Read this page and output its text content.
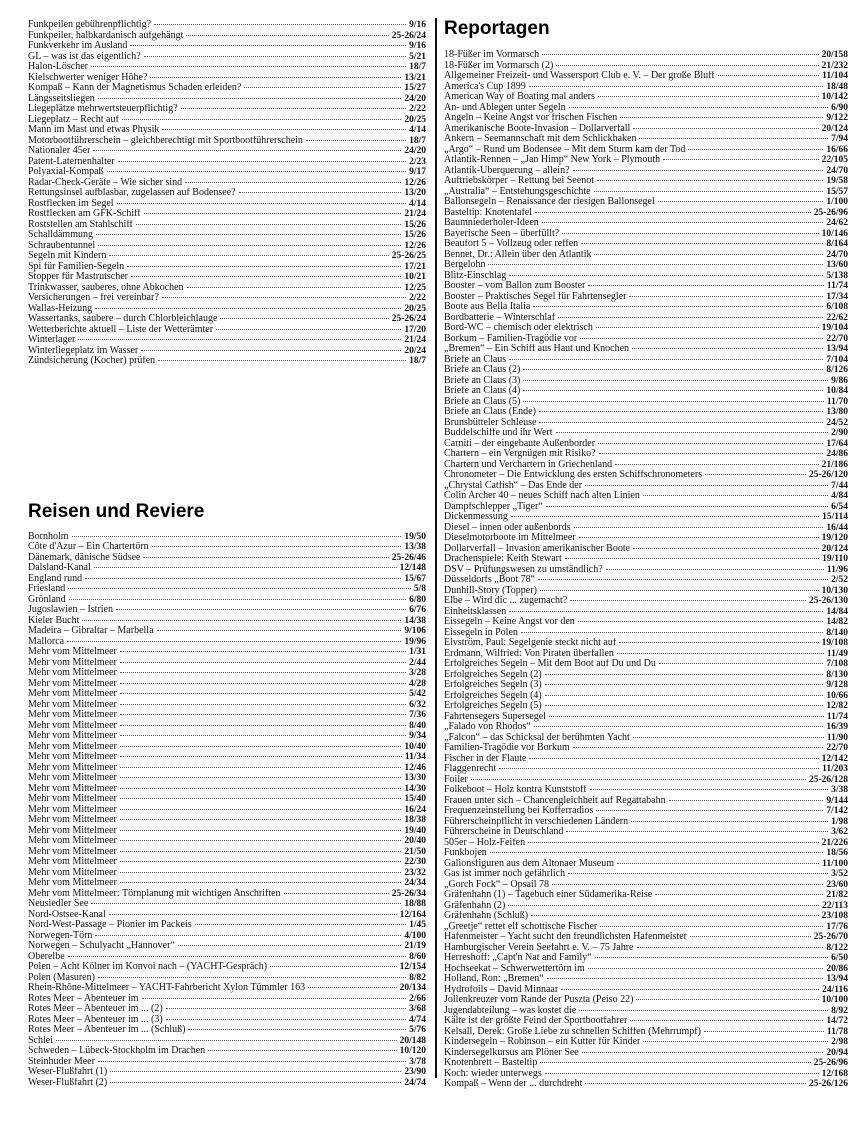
Funkpeilen gebührenpflichtig?	9/16
Funkpeiler, halbkardanisch aufgehängt	25-26/24
Funkverkehr im Ausland	9/16
GL – was ist das eigentlich?	5/21
Halon-Löscher	18/7
Kielschwerter weniger Höhe?	13/21
Kompaß – Kann der Magnetismus Schaden erleiden?	15/27
Längsseitsliegen	24/20
Liegeplätze mehrwertsteuerpflichtig?	2/22
Liegeplatz – Recht auf	20/25
Mann im Mast und etwas Physik	4/14
Motorbootführerschein – gleichberechtigt mit Sportbootführerschein	18/7
Nationaler 45er	24/20
Patent-Laternenhalter	2/23
Polyaxial-Kompaß	9/17
Radar-Check-Geräte – Wie sicher sind	12/26
Rettungsinsel aufblasbar, zugelassen auf Bodensee?	13/20
Rostflecken im Segel	4/14
Rostflecken am GFK-Schiff	21/24
Roststellen am Stahlschiff	15/26
Schalldämmung	15/26
Schraubentunnel	12/26
Segeln mit Kindern	25-26/25
Spi für Familien-Segeln	17/21
Stopper für Mastrutscher	10/21
Trinkwasser, sauberes, ohne Abkochen	12/25
Versicherungen – frei vereinbar?	2/22
Wallas-Heizung	20/25
Wassertanks, saubere – durch Chlorbleichlauge	25-26/24
Wetterberichte aktuell – Liste der Wetterämter	17/20
Winterlager	21/24
Winterliegeplatz im Wasser	20/24
Zündsicherung (Kocher) prüfen	18/7
Reisen und Reviere
Bornholm	19/50
Côte d'Azur – Ein Chartertörn	13/38
Dänemark, dänische Südsee	25-26/46
Dalsland-Kanal	12/148
England rund	15/67
Friesland	5/8
Grönland	6/80
Jugoslawien – Istrien	6/76
Kieler Bucht	14/38
Madeira – Gibraltar – Marbella	9/106
Mallorca	19/96
Mehr vom Mittelmeer	1/31
Mehr vom Mittelmeer	2/44
Mehr vom Mittelmeer	3/28
Mehr vom Mittelmeer	4/28
Mehr vom Mittelmeer	5/42
Mehr vom Mittelmeer	6/32
Mehr vom Mittelmeer	7/36
Mehr vom Mittelmeer	8/40
Mehr vom Mittelmeer	9/34
Mehr vom Mittelmeer	10/40
Mehr vom Mittelmeer	11/34
Mehr vom Mittelmeer	12/46
Mehr vom Mittelmeer	13/30
Mehr vom Mittelmeer	14/30
Mehr vom Mittelmeer	15/40
Mehr vom Mittelmeer	16/24
Mehr vom Mittelmeer	18/38
Mehr vom Mittelmeer	19/40
Mehr vom Mittelmeer	20/40
Mehr vom Mittelmeer	21/50
Mehr vom Mittelmeer	22/30
Mehr vom Mittelmeer	23/32
Mehr vom Mittelmeer	24/34
Mehr vom Mittelmeer: Törnplanung mit wichtigen Anschriften	25-26/34
Neusiedler See	18/88
Nord-Ostsee-Kanal	12/164
Nord-West-Passage – Pionier im Packeis	1/45
Norwegen-Törn	4/100
Norwegen – Schulyacht „Hannover“	21/19
Oberelbe	8/60
Polen – Acht Kölner im Konvoi nach – (YACHT-Gespräch)	12/154
Polen (Masuren)	8/82
Rhein-Rhône-Mittelmeer – YACHT-Fahrbericht Xylon Tümmler 163	20/134
Rotes Meer – Abenteuer im	2/66
Rotes Meer – Abenteuer im ... (2)	3/68
Rotes Meer – Abenteuer im ... (3)	4/74
Rotes Meer – Abenteuer im ... (Schluß)	5/76
Schlei	20/148
Schweden – Lübeck-Stockholm im Drachen	10/120
Steinhuder Meer	3/78
Weser-Flußfahrt (1)	23/90
Weser-Flußfahrt (2)	24/74
Reportagen
18-Füßer im Vormarsch	20/158
18-Füßer im Vormarsch (2)	21/232
Allgemeiner Freizeit- und Wassersport Club e. V. – Der große Bluff	11/104
America's Cup 1899	18/48
American Way of Boating mal anders	10/142
An- und Ablegen unter Segeln	6/90
Angeln – Keine Angst vor frischen Fischen	9/122
Amerikanische Boote-Invasion – Dollarverfall	20/124
Ankern – Seemannschaft mit dem Schlickhaken	7/94
„Argo“ – Rund um Bodensee – Mit dem Sturm kam der Tod	16/66
Atlantik-Rennen – „Jan Himp“ New York – Plymouth	22/105
Atlantik-Überquerung – allein?	24/70
Auftriebskörper – Rettung bei Seenot	19/58
„Australia“ – Entstehungsgeschichte	15/57
Ballonsegeln – Renaissance der riesigen Ballonsegel	1/100
Basteltip: Knotentafel	25-26/96
Baumniederholer-Ideen	24/62
Bayerische Seen – überfüllt?	10/146
Beaufort 5 – Vollzeug oder reffen	8/164
Bennet, Dr.: Allein über den Atlantik	24/70
Bergelohn	13/60
Blitz-Einschlag	5/138
Booster – vom Ballon zum Booster	11/74
Booster – Praktisches Segel für Fahrtensegler	17/34
Boote aus Bella Italia	6/108
Bordbatterie – Winterschlaf	22/62
Bord-WC – chemisch oder elektrisch	19/104
Borkum – Familien-Tragödie vor	22/70
„Bremen“ – Ein Schiff aus Haut und Knochen	13/94
Briefe an Claus	7/104
Briefe an Claus (2)	8/126
Briefe an Claus (3)	9/86
Briefe an Claus (4)	10/84
Briefe an Claus (5)	11/70
Briefe an Claus (Ende)	13/80
Brunsbütteler Schleuse	24/52
Buddelschiffe und ihr Wert	2/90
Carniti – der eingebaute Außenborder	17/64
Chartern – ein Vergnügen mit Risiko?	24/86
Chartern und Verchartern in Griechenland	21/186
Chronometer – Die Entwicklung des ersten Schiffschronometers	25-26/120
„Chrystal Catfish“ – Das Ende der	7/44
Colin Archer 40 – neues Schiff nach alten Linien	4/84
Dampfschlepper „Tiger“	6/54
Dickenmessung	15/114
Diesel – innen oder außenbords	16/44
Dieselmotorboote im Mittelmeer	19/120
Dollarverfall – Invasion amerikanischer Boote	20/124
Drachenspiele: Keith Stewart	19/110
DSV – Prüfungswesen zu umständlich?	11/96
Düsseldorfs „Boot 78“	2/52
Dunhill-Story (Topper)	10/130
Elbe – Wird dic ... zugemacht?	25-26/130
Einheitsklassen	14/84
Eissegeln – Keine Angst vor den	14/82
Eissegeln in Polen	8/140
Elvström, Paul: Segelgenie steckt nicht auf	19/108
Erdmann, Wilfried: Von Piraten überfallen	11/49
Erfolgreiches Segeln – Mit dem Boot auf Du und Du	7/108
Erfolgreiches Segeln (2)	8/130
Erfolgreiches Segeln (3)	9/128
Erfolgreiches Segeln (4)	10/66
Erfolgreiches Segeln (5)	12/82
Fahrtensegers Supersegel	11/74
„Falado von Rhodos“	16/39
„Falcon“ – das Schicksal der berühmten Yacht	11/90
Familien-Tragödie vor Borkum	22/70
Fischer in der Flaute	12/142
Flaggenrecht	11/203
Foiler	25-26/128
Folkeboot – Holz kontra Kunststoff	3/38
Frauen unter sich – Chancengleichheit auf Regattabahn	9/144
Frequenzeinstellung bei Kofferradios	7/142
Führerscheinpflicht in verschiedenen Ländern	1/98
Führerscheine in Deutschland	3/62
505er – Holz-Feifen	21/226
Funkbojen	18/56
Galionsfiguren aus dem Altonaer Museum	11/100
Gas ist immer noch gefährlich	3/52
„Gorch Fock“ – Opsail 78	23/60
Gräfenhahn (1) – Tagebuch einer Südamerika-Reise	21/82
Gräfenhahn (2)	22/113
Gräfenhahn (Schluß)	23/108
„Greetje“ rettet elf schottische Fischer	17/76
Hafenmeister – Yacht sucht den freundlichsten Hafenmeister	25-26/70
Hamburgischer Verein Seefahrt e. V. – 75 Jahre	8/122
Herreshoff: „Capt'n Nat and Family“	6/50
Hochseekat – Schwerwettertörn im	20/86
Holland, Ron: „Bremen“	13/94
Hydrofoils – David Minnaar	24/116
Jollenkreuzer vom Rande der Puszta (Peiso 22)	10/100
Jugendabteilung – was kostet die	8/92
Kälte ist der größte Feind der Sportbootfahrer	14/72
Kelsall, Derek: Große Liebe zu schnellen Schiffen (Mehrrumpf)	11/78
Kindersegeln – Robinson – ein Kutter für Kinder	2/98
Kindersegelkursus am Plöner See	20/94
Knotenbrett – Basteltip	25-26/96
Koch: wieder unterwegs	12/168
Kompaß – Wenn der ... durchdreht	25-26/126
